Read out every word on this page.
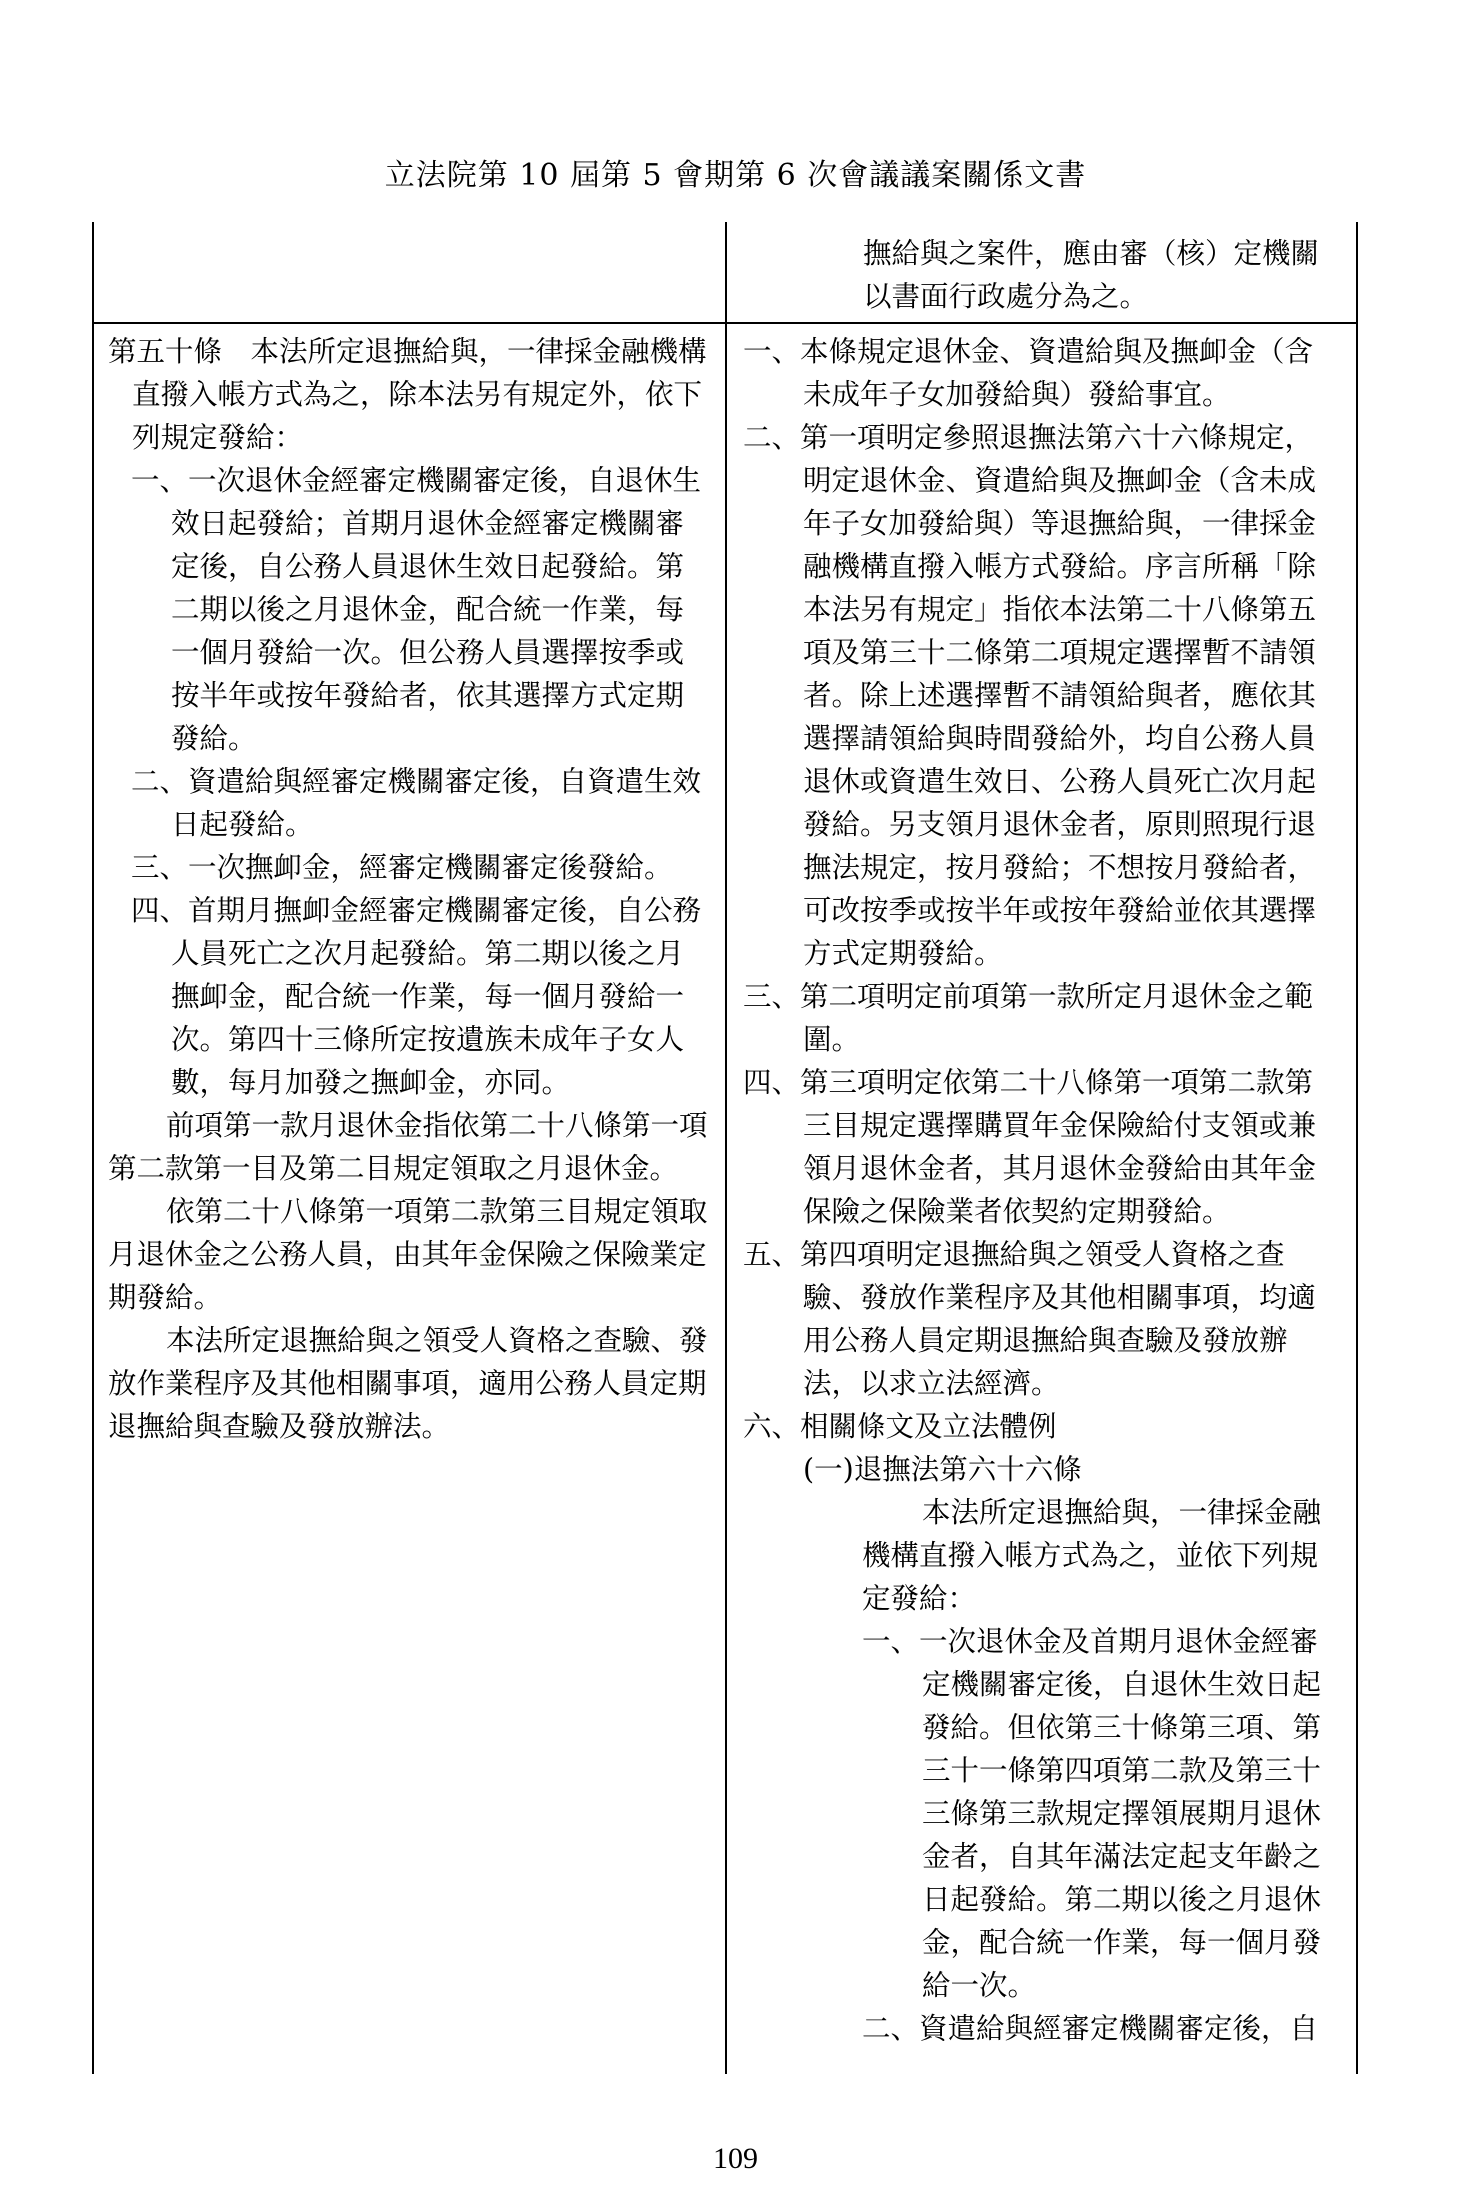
立法院第 10 屆第 5 會期第 6 次會議議案關係文書

撫給與之案件，應由審（核）定機關以書面行政處分為之。

第五十條　本法所定退撫給與，一律採金融機構直撥入帳方式為之，除本法另有規定外，依下列規定發給：

一、一次退休金經審定機關審定後，自退休生效日起發給；首期月退休金經審定機關審定後，自公務人員退休生效日起發給。第二期以後之月退休金，配合統一作業，每一個月發給一次。但公務人員選擇按季或按半年或按年發給者，依其選擇方式定期發給。

二、資遣給與經審定機關審定後，自資遣生效日起發給。

三、一次撫卹金，經審定機關審定後發給。

四、首期月撫卹金經審定機關審定後，自公務人員死亡之次月起發給。第二期以後之月撫卹金，配合統一作業，每一個月發給一次。第四十三條所定按遺族未成年子女人數，每月加發之撫卹金，亦同。

前項第一款月退休金指依第二十八條第一項第二款第一目及第二目規定領取之月退休金。

依第二十八條第一項第二款第三目規定領取月退休金之公務人員，由其年金保險之保險業定期發給。

本法所定退撫給與之領受人資格之查驗、發放作業程序及其他相關事項，適用公務人員定期退撫給與查驗及發放辦法。

一、本條規定退休金、資遣給與及撫卹金（含未成年子女加發給與）發給事宜。

二、第一項明定參照退撫法第六十六條規定，明定退休金、資遣給與及撫卹金（含未成年子女加發給與）等退撫給與，一律採金融機構直撥入帳方式發給。序言所稱「除本法另有規定」指依本法第二十八條第五項及第三十二條第二項規定選擇暫不請領者。除上述選擇暫不請領給與者，應依其選擇請領給與時間發給外，均自公務人員退休或資遣生效日、公務人員死亡次月起發給。另支領月退休金者，原則照現行退撫法規定，按月發給；不想按月發給者，可改按季或按半年或按年發給並依其選擇方式定期發給。

三、第二項明定前項第一款所定月退休金之範圍。

四、第三項明定依第二十八條第一項第二款第三目規定選擇購買年金保險給付支領或兼領月退休金者，其月退休金發給由其年金保險之保險業者依契約定期發給。

五、第四項明定退撫給與之領受人資格之查驗、發放作業程序及其他相關事項，均適用公務人員定期退撫給與查驗及發放辦法，以求立法經濟。

六、相關條文及立法體例

(一)退撫法第六十六條

本法所定退撫給與，一律採金融機構直撥入帳方式為之，並依下列規定發給：

一、一次退休金及首期月退休金經審定機關審定後，自退休生效日起發給。但依第三十條第三項、第三十一條第四項第二款及第三十三條第三款規定擇領展期月退休金者，自其年滿法定起支年齡之日起發給。第二期以後之月退休金，配合統一作業，每一個月發給一次。

二、資遣給與經審定機關審定後，自

109
